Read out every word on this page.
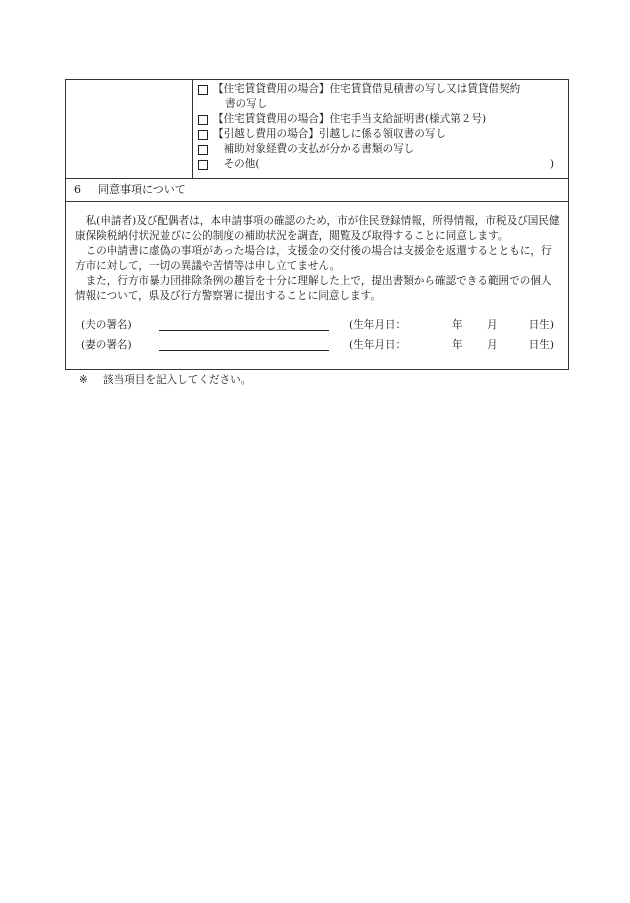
【住宅賃貸費用の場合】住宅賃貸借見積書の写し又は賃貸借契約
書の写し
【住宅賃貸費用の場合】住宅手当支給証明書(様式第２号)
【引越し費用の場合】引越しに係る領収書の写し
　補助対象経費の支払が分かる書類の写し
　その他(	)

6 同意事項について

私(申請者)及び配偶者は，本申請事項の確認のため，市が住民登録情報，所得情報，市税及び国民健康保険税納付状況並びに公的制度の補助状況を調査，閲覧及び取得することに同意します。

この申請書に虚偽の事項があった場合は，支援金の交付後の場合は支援金を返還するとともに，行方市に対して，一切の異議や苦情等は申し立てません。

また，行方市暴力団排除条例の趣旨を十分に理解した上で，提出書類から確認できる範囲での個人情報について，県及び行方警察署に提出することに同意します。

(夫の署名)	(生年月日：	年	月	日生)
(妻の署名)	(生年月日：	年	月	日生)
※ 該当項目を記入してください。
